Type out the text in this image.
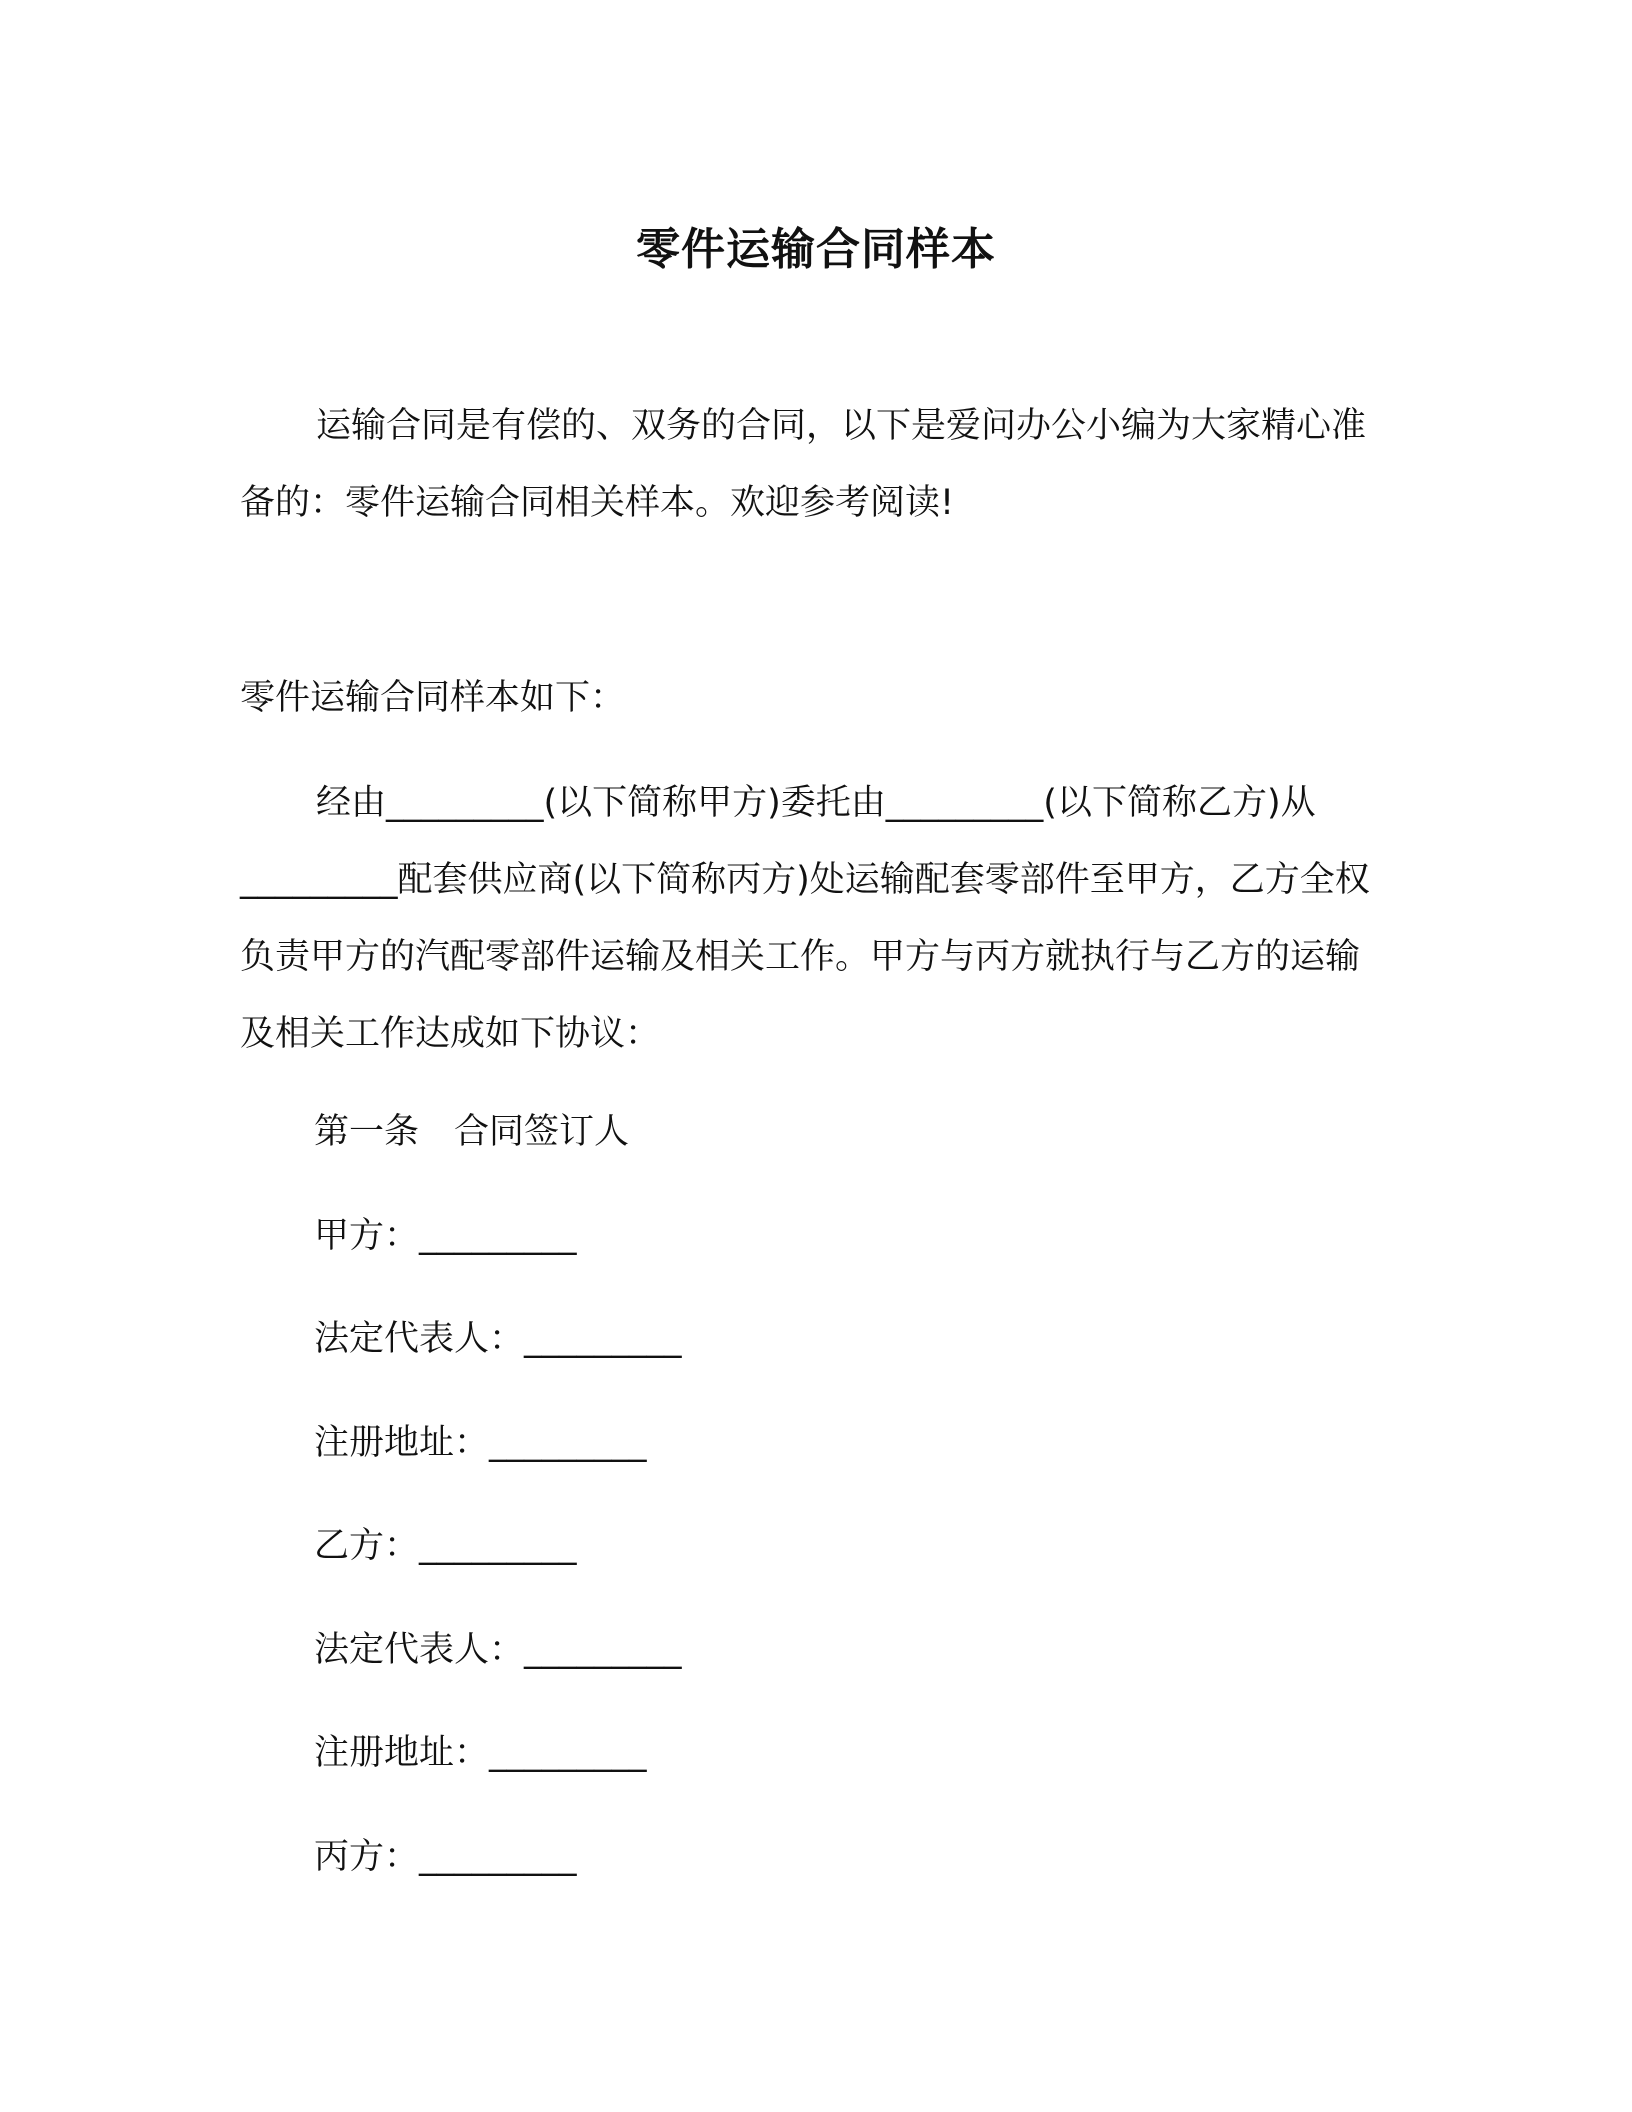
零件运输合同样本

运输合同是有偿的、双务的合同，以下是爱问办公小编为大家精心准备的：零件运输合同相关样本。欢迎参考阅读!

零件运输合同样本如下：

经由_________(以下简称甲方)委托由_________(以下简称乙方)从_________配套供应商(以下简称丙方)处运输配套零部件至甲方，乙方全权负责甲方的汽配零部件运输及相关工作。甲方与丙方就执行与乙方的运输及相关工作达成如下协议：

第一条　合同签订人
甲方：_________
法定代表人：_________
注册地址：_________
乙方：_________
法定代表人：_________
注册地址：_________
丙方：_________
